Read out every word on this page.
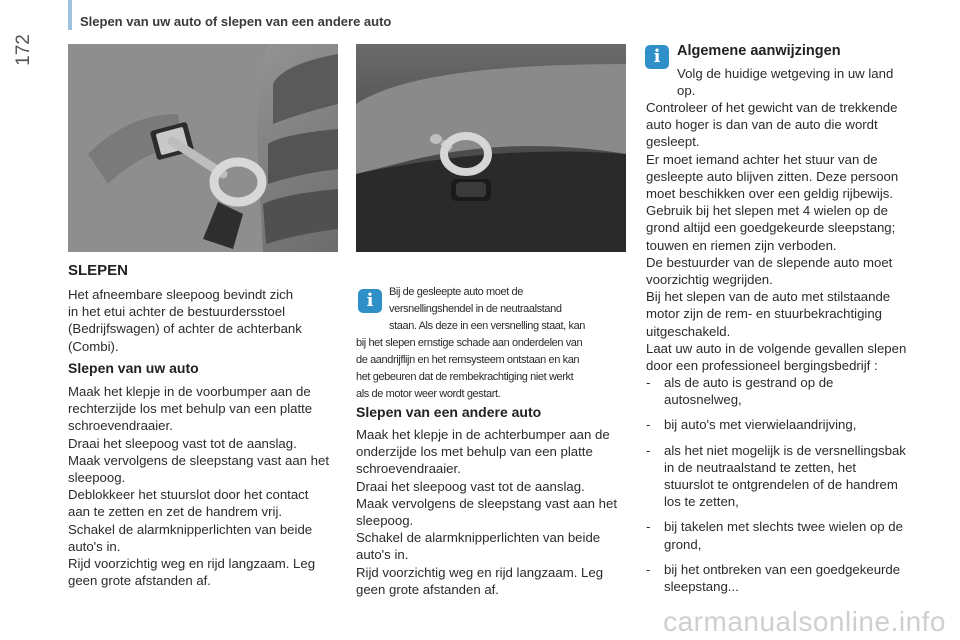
172
Slepen van uw auto of slepen van een andere auto
SLEPEN

Het afneembare sleepoog bevindt zich

in het etui achter de bestuurdersstoel

(Bedrijfswagen) of achter de achterbank

(Combi).

Slepen van uw auto

Maak het klepje in de voorbumper aan de

rechterzijde los met behulp van een platte

schroevendraaier.

Draai het sleepoog vast tot de aanslag.

Maak vervolgens de sleepstang vast aan het

sleepoog.

Deblokkeer het stuurslot door het contact

aan te zetten en zet de handrem vrij.

Schakel de alarmknipperlichten van beide

auto's in.

Rijd voorzichtig weg en rijd langzaam. Leg

geen grote afstanden af.

i	Bij de gesleepte auto moet de
versnellingshendel in de neutraalstand
staan. Als deze in een versnelling staat, kan
bij het slepen ernstige schade aan onderdelen van
de aandrijflijn en het remsysteem ontstaan en kan
het gebeuren dat de rembekrachtiging niet werkt
als de motor weer wordt gestart.
Slepen van een andere auto

Maak het klepje in de achterbumper aan de

onderzijde los met behulp van een platte

schroevendraaier.

Draai het sleepoog vast tot de aanslag.

Maak vervolgens de sleepstang vast aan het

sleepoog.

Schakel de alarmknipperlichten van beide

auto's in.

Rijd voorzichtig weg en rijd langzaam. Leg

geen grote afstanden af.

i	Algemene aanwijzingen

Volg de huidige wetgeving in uw land

op.

Controleer of het gewicht van de trekkende

auto hoger is dan van de auto die wordt

gesleept.

Er moet iemand achter het stuur van de

gesleepte auto blijven zitten. Deze persoon

moet beschikken over een geldig rijbewijs.

Gebruik bij het slepen met 4 wielen op de

grond altijd een goedgekeurde sleepstang;

touwen en riemen zijn verboden.

De bestuurder van de slepende auto moet

voorzichtig wegrijden.

Bij het slepen van de auto met stilstaande

motor zijn de rem- en stuurbekrachtiging

uitgeschakeld.

Laat uw auto in de volgende gevallen slepen

door een professioneel bergingsbedrijf :

- als de auto is gestrand op de
autosnelweg,
- bij auto's met vierwielaandrijving,
- als het niet mogelijk is de versnellingsbak
in de neutraalstand te zetten, het
stuurslot te ontgrendelen of de handrem
los te zetten,
- bij takelen met slechts twee wielen op de
grond,
- bij het ontbreken van een goedgekeurde
sleepstang...
carmanualsonline.info
